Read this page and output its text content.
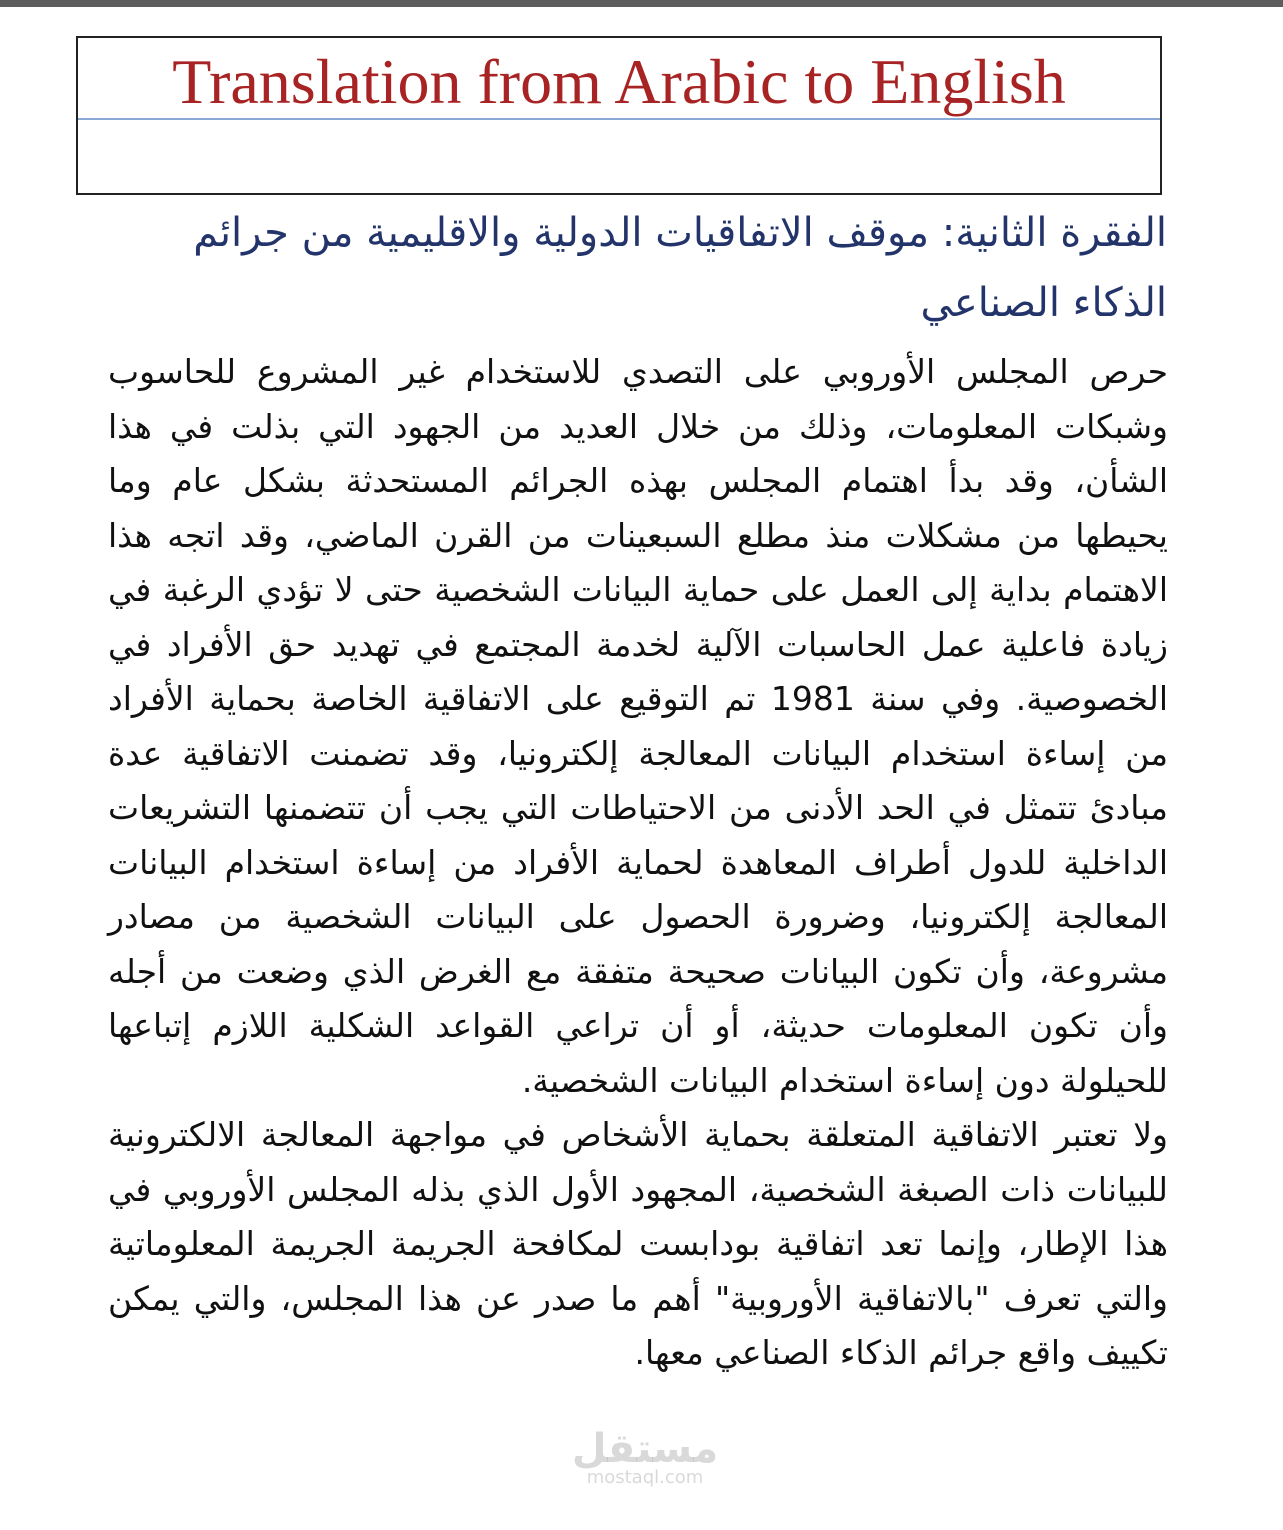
Translation from Arabic to English
الفقرة الثانية: موقف الاتفاقيات الدولية والاقليمية من جرائم الذكاء الصناعي

حرص المجلس الأوروبي على التصدي للاستخدام غير المشروع للحاسوب وشبكات المعلومات، وذلك من خلال العديد من الجهود التي بذلت في هذا الشأن، وقد بدأ اهتمام المجلس بهذه الجرائم المستحدثة بشكل عام وما يحيطها من مشكلات منذ مطلع السبعينات من القرن الماضي، وقد اتجه هذا الاهتمام بداية إلى العمل على حماية البيانات الشخصية حتى لا تؤدي الرغبة في زيادة فاعلية عمل الحاسبات الآلية لخدمة المجتمع في تهديد حق الأفراد في الخصوصية. وفي سنة 1981 تم التوقيع على الاتفاقية الخاصة بحماية الأفراد من إساءة استخدام البيانات المعالجة إلكترونيا، وقد تضمنت الاتفاقية عدة مبادئ تتمثل في الحد الأدنى من الاحتياطات التي يجب أن تتضمنها التشريعات الداخلية للدول أطراف المعاهدة لحماية الأفراد من إساءة استخدام البيانات المعالجة إلكترونيا، وضرورة الحصول على البيانات الشخصية من مصادر مشروعة، وأن تكون البيانات صحيحة متفقة مع الغرض الذي وضعت من أجله وأن تكون المعلومات حديثة، أو أن تراعي القواعد الشكلية اللازم إتباعها للحيلولة دون إساءة استخدام البيانات الشخصية.

ولا تعتبر الاتفاقية المتعلقة بحماية الأشخاص في مواجهة المعالجة الالكترونية للبيانات ذات الصبغة الشخصية، المجهود الأول الذي بذله المجلس الأوروبي في هذا الإطار، وإنما تعد اتفاقية بودابست لمكافحة الجريمة الجريمة المعلوماتية والتي تعرف "بالاتفاقية الأوروبية" أهم ما صدر عن هذا المجلس، والتي يمكن تكييف واقع جرائم الذكاء الصناعي معها.

مستقل
mostaql.com
